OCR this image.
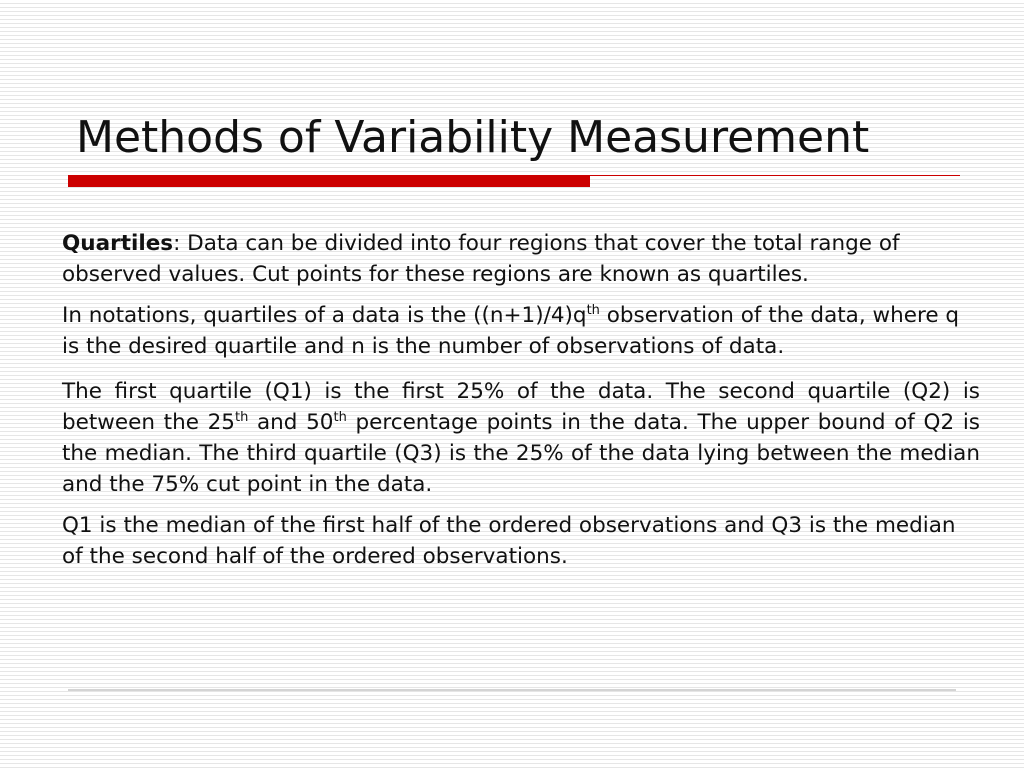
Methods of Variability Measurement

Quartiles: Data can be divided into four regions that cover the total range of observed values. Cut points for these regions are known as quartiles.

In notations, quartiles of a data is the $((n+1)/4)q^{th}$ observation of the data, where q is the desired quartile and n is the number of observations of data.

The first quartile (Q1) is the first 25% of the data. The second quartile (Q2) is between the 25th and 50th percentage points in the data. The upper bound of Q2 is the median. The third quartile (Q3) is the 25% of the data lying between the median and the 75% cut point in the data.

Q1 is the median of the first half of the ordered observations and Q3 is the median of the second half of the ordered observations.
